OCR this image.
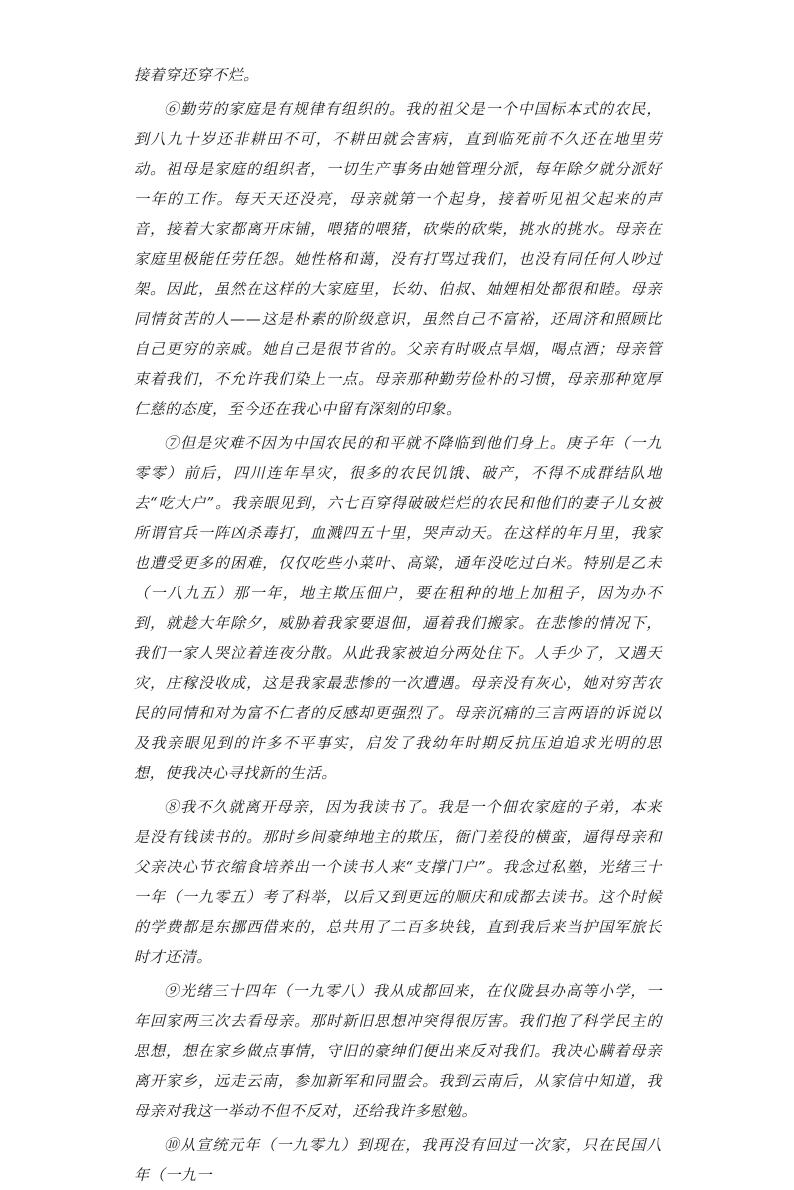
接着穿还穿不烂。

⑥勤劳的家庭是有规律有组织的。我的祖父是一个中国标本式的农民，到八九十岁还非耕田不可，不耕田就会害病，直到临死前不久还在地里劳动。祖母是家庭的组织者，一切生产事务由她管理分派，每年除夕就分派好一年的工作。每天天还没亮，母亲就第一个起身，接着听见祖父起来的声音，接着大家都离开床铺，喂猪的喂猪，砍柴的砍柴，挑水的挑水。母亲在家庭里极能任劳任怨。她性格和蔼，没有打骂过我们，也没有同任何人吵过架。因此，虽然在这样的大家庭里，长幼、伯叔、妯娌相处都很和睦。母亲同情贫苦的人——这是朴素的阶级意识，虽然自己不富裕，还周济和照顾比自己更穷的亲戚。她自己是很节省的。父亲有时吸点旱烟，喝点酒；母亲管束着我们，不允许我们染上一点。母亲那种勤劳俭朴的习惯，母亲那种宽厚仁慈的态度，至今还在我心中留有深刻的印象。

⑦但是灾难不因为中国农民的和平就不降临到他们身上。庚子年（一九零零）前后，四川连年旱灾，很多的农民饥饿、破产，不得不成群结队地去“吃大户”。我亲眼见到，六七百穿得破破烂烂的农民和他们的妻子儿女被所谓官兵一阵凶杀毒打，血溅四五十里，哭声动天。在这样的年月里，我家也遭受更多的困难，仅仅吃些小菜叶、高粱，通年没吃过白米。特别是乙未（一八九五）那一年，地主欺压佃户，要在租种的地上加租子，因为办不到，就趁大年除夕，威胁着我家要退佃，逼着我们搬家。在悲惨的情况下，我们一家人哭泣着连夜分散。从此我家被迫分两处住下。人手少了，又遇天灾，庄稼没收成，这是我家最悲惨的一次遭遇。母亲没有灰心，她对穷苦农民的同情和对为富不仁者的反感却更强烈了。母亲沉痛的三言两语的诉说以及我亲眼见到的许多不平事实，启发了我幼年时期反抗压迫追求光明的思想，使我决心寻找新的生活。

⑧我不久就离开母亲，因为我读书了。我是一个佃农家庭的子弟，本来是没有钱读书的。那时乡间豪绅地主的欺压，衙门差役的横蛮，逼得母亲和父亲决心节衣缩食培养出一个读书人来“支撑门户”。我念过私塾，光绪三十一年（一九零五）考了科举，以后又到更远的顺庆和成都去读书。这个时候的学费都是东挪西借来的，总共用了二百多块钱，直到我后来当护国军旅长时才还清。

⑨光绪三十四年（一九零八）我从成都回来，在仪陇县办高等小学，一年回家两三次去看母亲。那时新旧思想冲突得很厉害。我们抱了科学民主的思想，想在家乡做点事情，守旧的豪绅们便出来反对我们。我决心瞒着母亲离开家乡，远走云南，参加新军和同盟会。我到云南后，从家信中知道，我母亲对我这一举动不但不反对，还给我许多慰勉。

⑩从宣统元年（一九零九）到现在，我再没有回过一次家，只在民国八年（一九一
